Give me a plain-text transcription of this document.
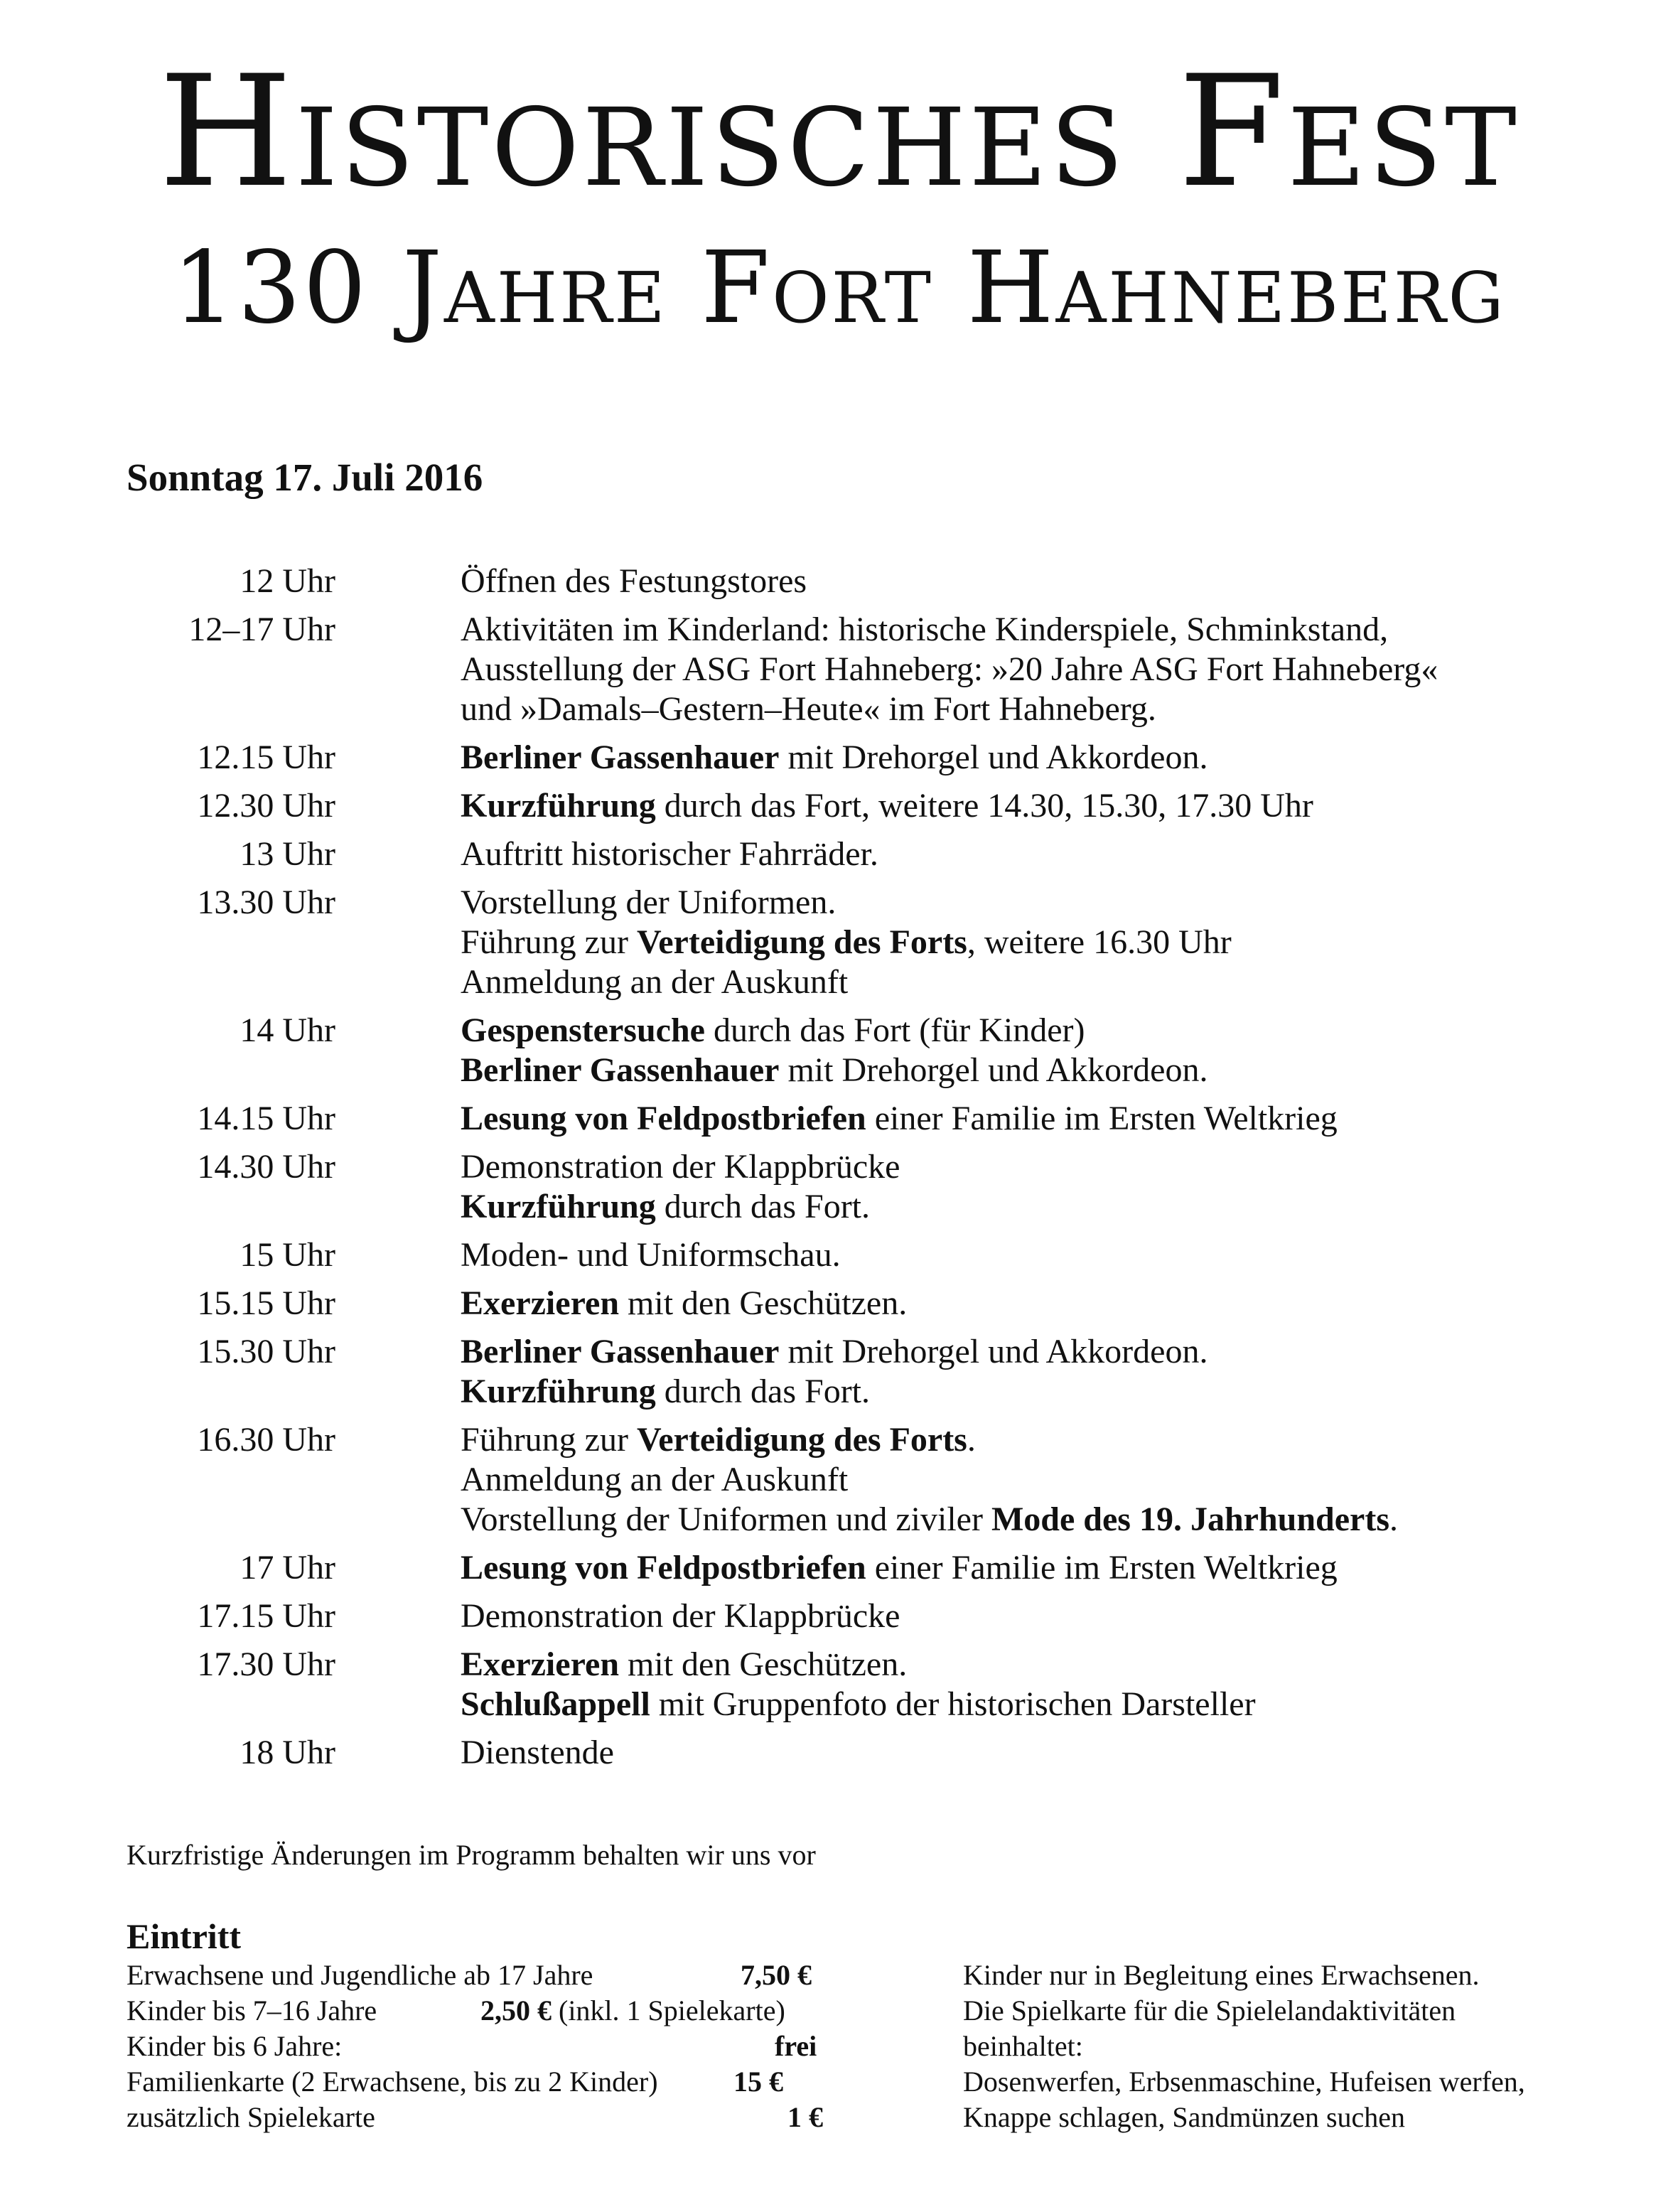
Historisches Fest
130 Jahre Fort Hahneberg
Sonntag 17. Juli 2016
12 Uhr	Öffnen des Festungstores
12–17 Uhr	Aktivitäten im Kinderland: historische Kinderspiele, Schminkstand,
Ausstellung der ASG Fort Hahneberg: »20 Jahre ASG Fort Hahneberg«
und »Damals–Gestern–Heute« im Fort Hahneberg.
12.15 Uhr	Berliner Gassenhauer mit Drehorgel und Akkordeon.
12.30 Uhr	Kurzführung durch das Fort, weitere 14.30, 15.30, 17.30 Uhr
13 Uhr	Auftritt historischer Fahrräder.
13.30 Uhr	Vorstellung der Uniformen.
Führung zur Verteidigung des Forts, weitere 16.30 Uhr
Anmeldung an der Auskunft
14 Uhr	Gespenstersuche durch das Fort (für Kinder)
Berliner Gassenhauer mit Drehorgel und Akkordeon.
14.15 Uhr	Lesung von Feldpostbriefen einer Familie im Ersten Weltkrieg
14.30 Uhr	Demonstration der Klappbrücke
Kurzführung durch das Fort.
15 Uhr	Moden- und Uniformschau.
15.15 Uhr	Exerzieren mit den Geschützen.
15.30 Uhr	Berliner Gassenhauer mit Drehorgel und Akkordeon.
Kurzführung durch das Fort.
16.30 Uhr	Führung zur Verteidigung des Forts.
Anmeldung an der Auskunft
Vorstellung der Uniformen und ziviler Mode des 19. Jahrhunderts.
17 Uhr	Lesung von Feldpostbriefen einer Familie im Ersten Weltkrieg
17.15 Uhr	Demonstration der Klappbrücke
17.30 Uhr	Exerzieren mit den Geschützen.
Schlußappell mit Gruppenfoto der historischen Darsteller
18 Uhr	Dienstende
Kurzfristige Änderungen im Programm behalten wir uns vor
Eintritt
Erwachsene und Jugendliche ab 17 Jahre	7,50 €
Kinder bis 7–16 Jahre	2,50 € (inkl. 1 Spielekarte)
Kinder bis 6 Jahre:	frei
Familienkarte (2 Erwachsene, bis zu 2 Kinder)	15 €
zusätzlich Spielekarte	1 €
Kinder nur in Begleitung eines Erwachsenen.
Die Spielkarte für die Spielelandaktivitäten
beinhaltet:
Dosenwerfen, Erbsenmaschine, Hufeisen werfen,
Knappe schlagen, Sandmünzen suchen
